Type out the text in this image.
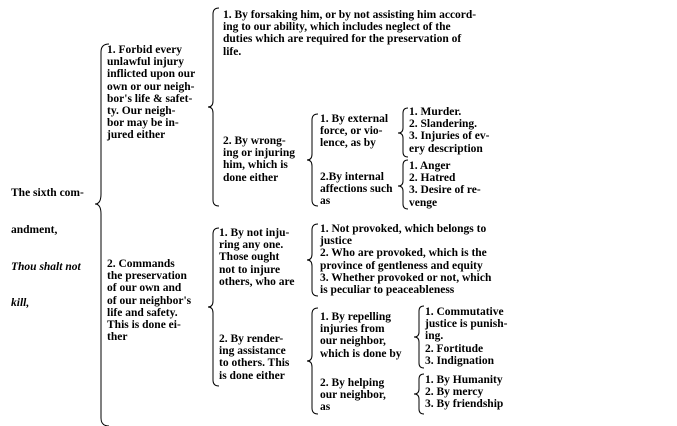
The sixth com-

andment,

Thou shalt not

kill,

1. Forbid every
unlawful injury
inflicted upon our
own or our neigh-
bor's life & safet-
ty. Our neigh-
bor may be in-
jured either
1. By forsaking him, or by not assisting him accord-
ing to our ability, which includes neglect of the
duties which are required for the preservation of
life.
2. By wrong-
ing or injuring
him, which is
done either
1. By external
force, or vio-
lence, as by
1. Murder.
2. Slandering.
3. Injuries of ev-
ery description
2.By internal
affections such
as
1. Anger
2. Hatred
3. Desire of re-
venge
2. Commands
the preservation
of our own and
of our neighbor's
life and safety.
This is done ei-
ther
1. By not inju-
ring any one.
Those ought
not to injure
others, who are
1. Not provoked, which belongs to
justice
2. Who are provoked, which is the
province of gentleness and equity
3. Whether provoked or not, which
is peculiar to peaceableness
2. By render-
ing assistance
to others. This
is done either
1. By repelling
injuries from
our neighbor,
which is done by
1. Commutative
justice is punish-
ing.
2. Fortitude
3. Indignation
2. By helping
our neighbor,
as
1. By Humanity
2. By mercy
3. By friendship
